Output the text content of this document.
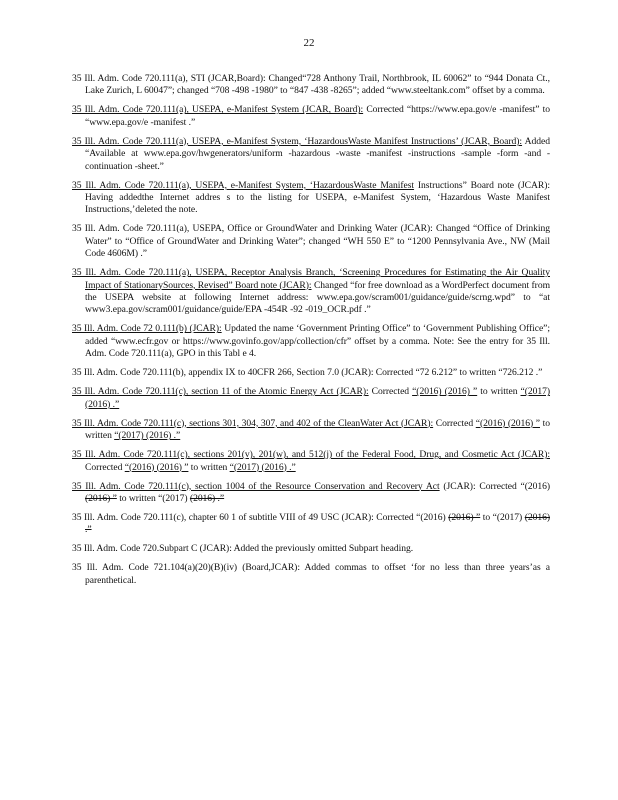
22

35 Ill. Adm. Code 720.111(a), STI (JCAR,Board): Changed“728 Anthony Trail, Northbrook, IL 60062” to “944 Donata Ct., Lake Zurich, L 60047”; changed “708 -498 -1980” to “847 -438 -8265”; added “www.steeltank.com” offset by a comma.

35 Ill. Adm. Code 720.111(a), USEPA, e-Manifest System (JCAR, Board): Corrected “https://www.epa.gov/e -manifest” to “www.epa.gov/e -manifest .”

35 Ill. Adm. Code 720.111(a), USEPA, e-Manifest System, ‘HazardousWaste Manifest Instructions’ (JCAR, Board): Added “Available at www.epa.gov/hwgenerators/uniform -hazardous -waste -manifest -instructions -sample -form -and -continuation -sheet.”

35 Ill. Adm. Code 720.111(a), USEPA, e-Manifest System, ‘HazardousWaste Manifest Instructions” Board note (JCAR): Having addedthe Internet addres s to the listing for USEPA, e-Manifest System, ‘Hazardous Waste Manifest Instructions,’deleted the note.

35 Ill. Adm. Code 720.111(a), USEPA, Office or GroundWater and Drinking Water (JCAR): Changed “Office of Drinking Water” to “Office of GroundWater and Drinking Water”; changed “WH 550 E” to “1200 Pennsylvania Ave., NW (Mail Code 4606M) .”

35 Ill. Adm. Code 720.111(a), USEPA, Receptor Analysis Branch, ‘Screening Procedures for Estimating the Air Quality Impact of StationarySources, Revised” Board note (JCAR): Changed “for free download as a WordPerfect document from the USEPA website at following Internet address: www.epa.gov/scram001/guidance/guide/scrng.wpd” to “at www3.epa.gov/scram001/guidance/guide/EPA -454R -92 -019_OCR.pdf .”

35 Ill. Adm. Code 72 0.111(b) (JCAR): Updated the name ‘Government Printing Office” to ‘Government Publishing Office”; added “www.ecfr.gov or https://www.govinfo.gov/app/collection/cfr” offset by a comma. Note: See the entry for 35 Ill. Adm. Code 720.111(a), GPO in this Tabl e 4.

35 Ill. Adm. Code 720.111(b), appendix IX to 40CFR 266, Section 7.0 (JCAR): Corrected “72 6.212” to written “726.212 .”

35 Ill. Adm. Code 720.111(c), section 11 of the Atomic Energy Act (JCAR): Corrected “(2016) (2016) ” to written “(2017) (2016) .”

35 Ill. Adm. Code 720.111(c), sections 301, 304, 307, and 402 of the CleanWater Act (JCAR): Corrected “(2016) (2016) ” to written “(2017) (2016) .”

35 Ill. Adm. Code 720.111(c), sections 201(v), 201(w), and 512(j) of the Federal Food, Drug, and Cosmetic Act (JCAR): Corrected “(2016) (2016) ” to written “(2017) (2016) .”

35 Ill. Adm. Code 720.111(c), section 1004 of the Resource Conservation and Recovery Act (JCAR): Corrected “(2016) (2016) ” to written “(2017) (2016) .”

35 Ill. Adm. Code 720.111(c), chapter 60 1 of subtitle VIII of 49 USC (JCAR): Corrected “(2016) (2016) ” to “(2017) (2016) .”

35 Ill. Adm. Code 720.Subpart C (JCAR): Added the previously omitted Subpart heading.

35 Ill. Adm. Code 721.104(a)(20)(B)(iv) (Board,JCAR): Added commas to offset ‘for no less than three years’as a parenthetical.
